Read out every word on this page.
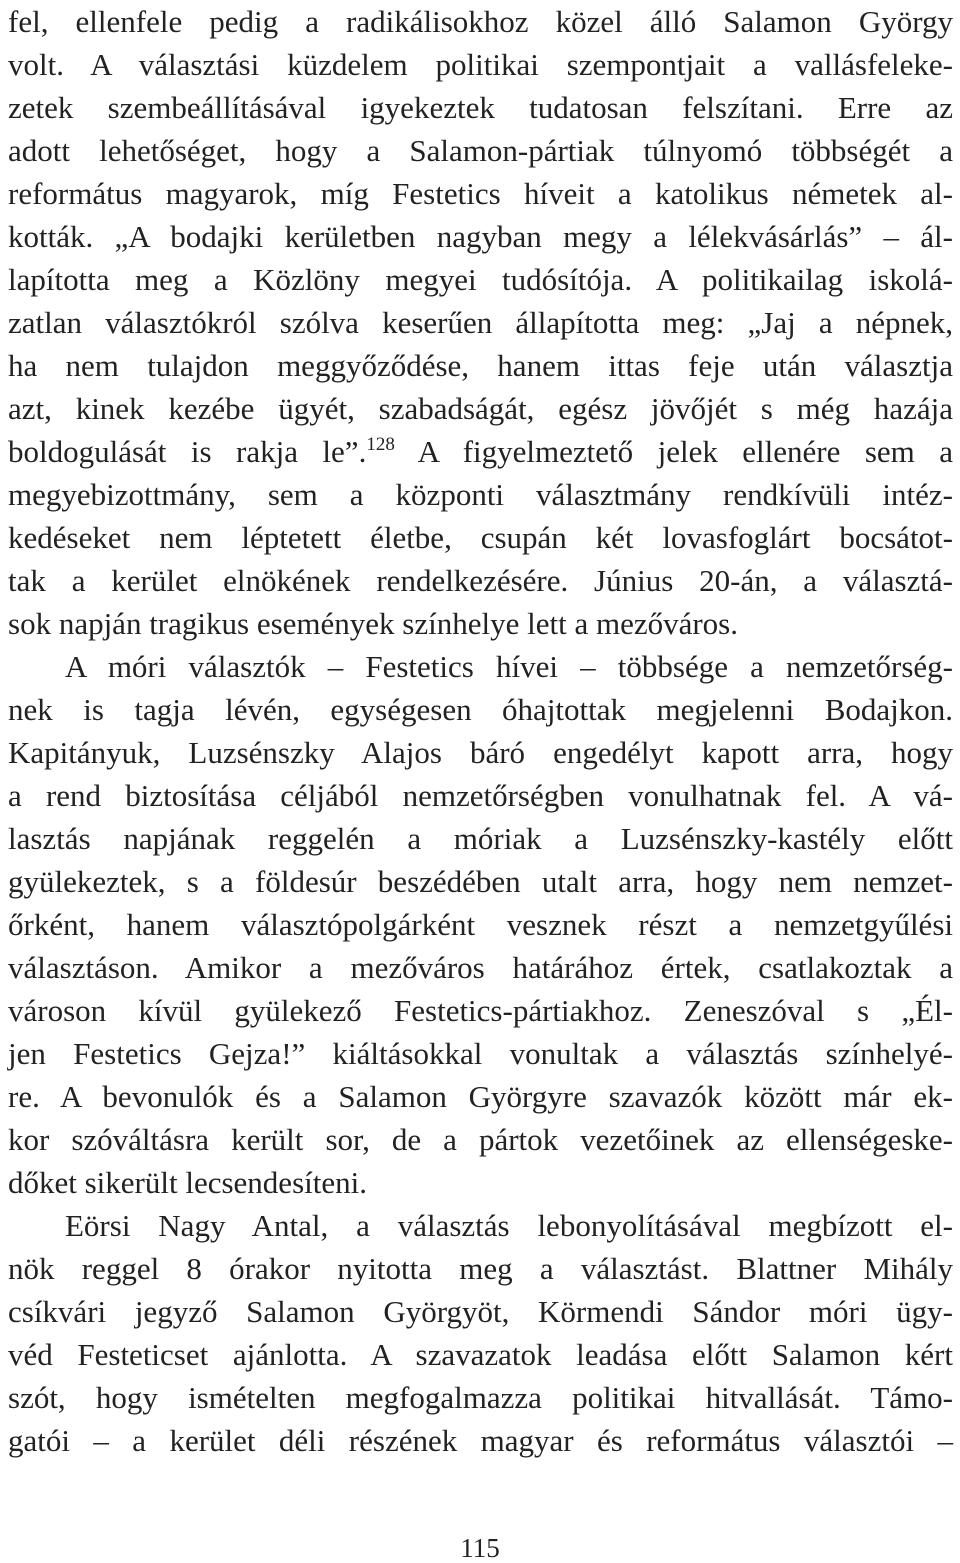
fel, ellenfele pedig a radikálisokhoz közel álló Salamon György
volt. A választási küzdelem politikai szempontjait a vallásfeleke-
zetek szembeállításával igyekeztek tudatosan felszítani. Erre az
adott lehetőséget, hogy a Salamon-pártiak túlnyomó többségét a
református magyarok, míg Festetics híveit a katolikus németek al-
kották. „A bodajki kerületben nagyban megy a lélekvásárlás” – ál-
lapította meg a Közlöny megyei tudósítója. A politikailag iskolá-
zatlan választókról szólva keserűen állapította meg: „Jaj a népnek,
ha nem tulajdon meggyőződése, hanem ittas feje után választja
azt, kinek kezébe ügyét, szabadságát, egész jövőjét s még hazája
boldogulását is rakja le”.$^{128}$ A figyelmeztető jelek ellenére sem a
megyebizottmány, sem a központi választmány rendkívüli intéz-
kedéseket nem léptetett életbe, csupán két lovasfoglárt bocsátot-
tak a kerület elnökének rendelkezésére. Június 20-án, a választá-
sok napján tragikus események színhelye lett a mezőváros.
A móri választók – Festetics hívei – többsége a nemzetőrség-
nek is tagja lévén, egységesen óhajtottak megjelenni Bodajkon.
Kapitányuk, Luzsénszky Alajos báró engedélyt kapott arra, hogy
a rend biztosítása céljából nemzetőrségben vonulhatnak fel. A vá-
lasztás napjának reggelén a móriak a Luzsénszky-kastély előtt
gyülekeztek, s a földesúr beszédében utalt arra, hogy nem nemzet-
őrként, hanem választópolgárként vesznek részt a nemzetgyűlési
választáson. Amikor a mezőváros határához értek, csatlakoztak a
városon kívül gyülekező Festetics-pártiakhoz. Zeneszóval s „Él-
jen Festetics Gejza!” kiáltásokkal vonultak a választás színhelyé-
re. A bevonulók és a Salamon Györgyre szavazók között már ek-
kor szóváltásra került sor, de a pártok vezetőinek az ellenségeske-
dőket sikerült lecsendesíteni.
Eörsi Nagy Antal, a választás lebonyolításával megbízott el-
nök reggel 8 órakor nyitotta meg a választást. Blattner Mihály
csíkvári jegyző Salamon Györgyöt, Körmendi Sándor móri ügy-
véd Festeticset ajánlotta. A szavazatok leadása előtt Salamon kért
szót, hogy ismételten megfogalmazza politikai hitvallását. Támo-
gatói – a kerület déli részének magyar és református választói –
115
